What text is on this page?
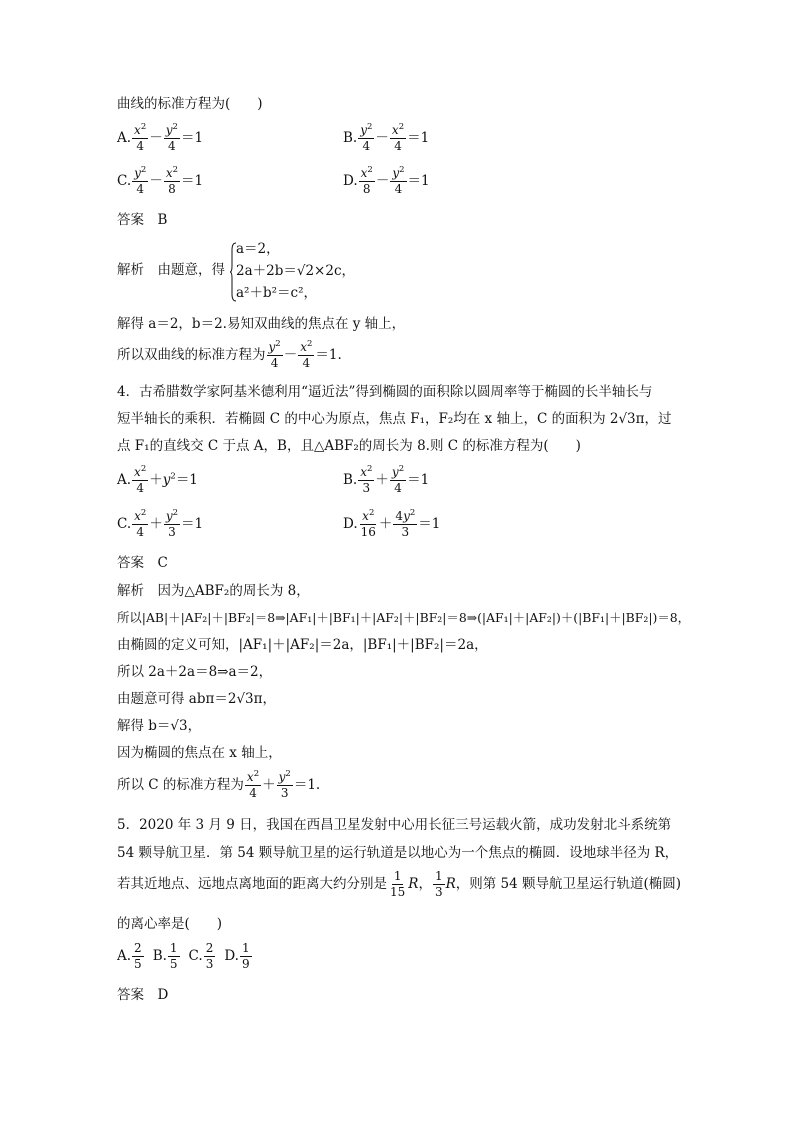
曲线的标准方程为(　　)
A. $\frac{x^2}{4} - \frac{y^2}{4} =1$	B. $\frac{y^2}{4} - \frac{x^2}{4} =1$
C. $\frac{y^2}{4} - \frac{x^2}{8} =1$	D. $\frac{x^2}{8} - \frac{y^2}{4} =1$
答案　B
解析　由题意，得
a＝2，
2a＋2b＝√2×2c，
a²＋b²＝c²，
解得 a＝2，b＝2.易知双曲线的焦点在 y 轴上，
所以双曲线的标准方程为 $\frac{y^2}{4} - \frac{x^2}{4} =1$.
4．古希腊数学家阿基米德利用“逼近法”得到椭圆的面积除以圆周率等于椭圆的长半轴长与
短半轴长的乘积．若椭圆 C 的中心为原点，焦点 F₁，F₂均在 x 轴上，C 的面积为 2√3π，过
点 F₁的直线交 C 于点 A，B，且△ABF₂的周长为 8.则 C 的标准方程为(　　)
A. $\frac{x^2}{4} +y^2=1$	B. $\frac{x^2}{3} + \frac{y^2}{4} =1$
C. $\frac{x^2}{4} + \frac{y^2}{3} =1$	D. $\frac{x^2}{16} + \frac{4y^2}{3} =1$
答案　C
解析　因为△ABF₂的周长为 8，
所以|AB|＋|AF₂|＋|BF₂|＝8⇒|AF₁|＋|BF₁|＋|AF₂|＋|BF₂|＝8⇒(|AF₁|＋|AF₂|)＋(|BF₁|＋|BF₂|)＝8，
由椭圆的定义可知，|AF₁|＋|AF₂|＝2a，|BF₁|＋|BF₂|＝2a，
所以 2a＋2a＝8⇒a＝2，
由题意可得 abπ＝2√3π，
解得 b＝√3，
因为椭圆的焦点在 x 轴上，
所以 C 的标准方程为 $\frac{x^2}{4} + \frac{y^2}{3} =1$.
5．2020 年 3 月 9 日，我国在西昌卫星发射中心用长征三号运载火箭，成功发射北斗系统第
54 颗导航卫星．第 54 颗导航卫星的运行轨道是以地心为一个焦点的椭圆．设地球半径为 R，
若其近地点、远地点离地面的距离大约分别是 $\frac{1}{15}$ R， $\frac{1}{3}$ R ，则第 54 颗导航卫星运行轨道(椭圆)
的离心率是(　　)
A. $\frac{2}{5} B$. $\frac{1}{5} C$. $\frac{2}{3} D$. $\frac{1}{9}$
答案　D
